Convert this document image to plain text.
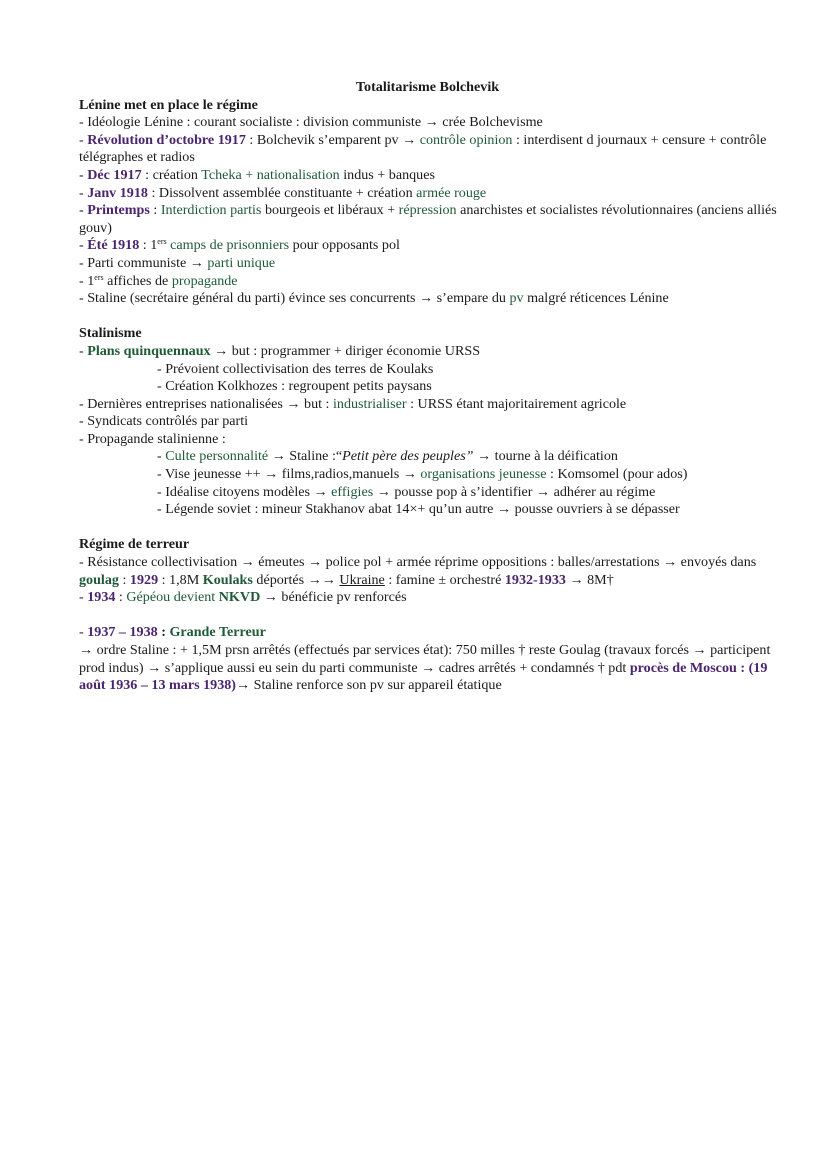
Totalitarisme Bolchevik
Lénine met en place le régime
- Idéologie Lénine : courant socialiste : division communiste → crée Bolchevisme
- Révolution d’octobre 1917 : Bolchevik s’emparent pv → contrôle opinion : interdisent d journaux + censure + contrôle télégraphes et radios
- Déc 1917 : création Tcheka + nationalisation indus + banques
- Janv 1918 : Dissolvent assemblée constituante + création armée rouge
- Printemps : Interdiction partis bourgeois et libéraux + répression anarchistes et socialistes révolutionnaires (anciens alliés gouv)
- Été 1918 : 1ers camps de prisonniers pour opposants pol
- Parti communiste → parti unique
- 1ers affiches de propagande
- Staline (secrétaire général du parti) évince ses concurrents → s’empare du pv malgré réticences Lénine
Stalinisme
- Plans quinquennaux → but : programmer + diriger économie URSS
- Prévoient collectivisation des terres de Koulaks
- Création Kolkhozes : regroupent petits paysans
- Dernières entreprises nationalisées → but : industrialiser : URSS étant majoritairement agricole
- Syndicats contrôlés par parti
- Propagande stalinienne :
- Culte personnalité → Staline :“Petit père des peuples” → tourne à la déification
- Vise jeunesse ++ → films,radios,manuels → organisations jeunesse : Komsomel (pour ados)
- Idéalise citoyens modèles → effigies → pousse pop à s’identifier → adhérer au régime
- Légende soviet : mineur Stakhanov abat 14×+ qu’un autre → pousse ouvriers à se dépasser
Régime de terreur
- Résistance collectivisation → émeutes → police pol + armée réprime oppositions : balles/arrestations → envoyés dans goulag : 1929 : 1,8M Koulaks déportés →→ Ukraine : famine ± orchestré 1932-1933 → 8M†
- 1934 : Gépéou devient NKVD → bénéficie pv renforcés
- 1937 – 1938 : Grande Terreur
→ ordre Staline : + 1,5M prsn arrêtés (effectués par services état): 750 milles † reste Goulag (travaux forcés → participent prod indus) → s’applique aussi eu sein du parti communiste → cadres arrêtés + condamnés † pdt procès de Moscou : (19 août 1936 – 13 mars 1938)→ Staline renforce son pv sur appareil étatique
